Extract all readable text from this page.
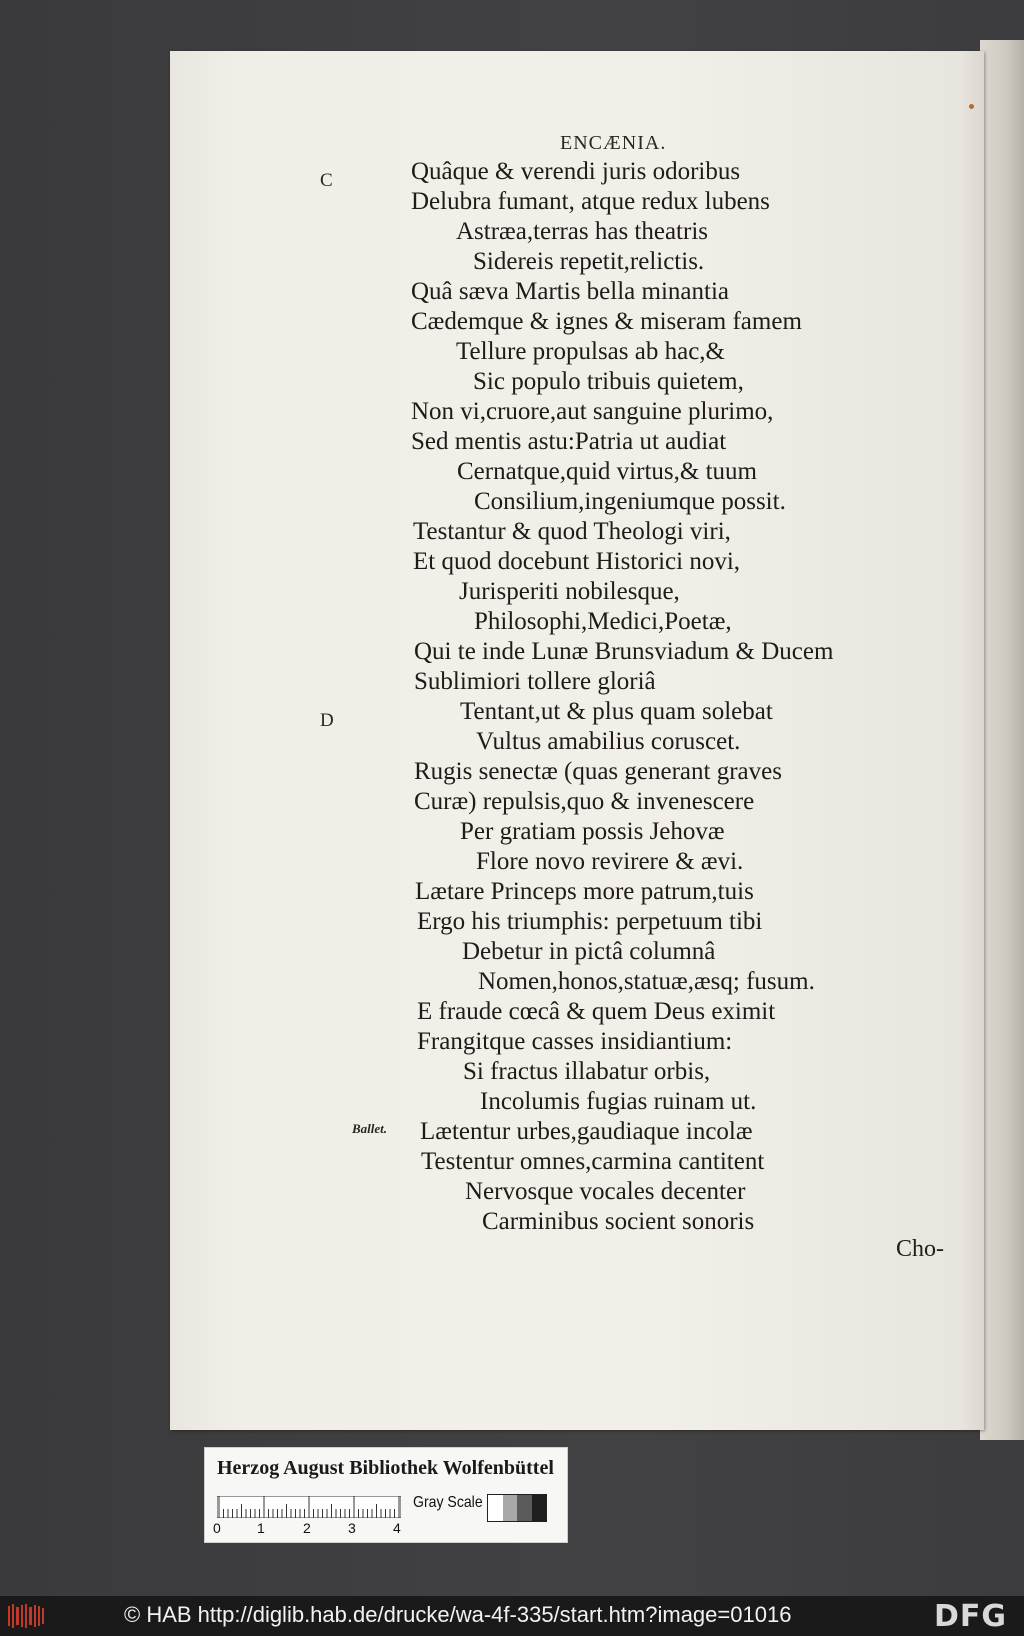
ENCÆNIA.
C
D
Ballet.
Quâque & verendi juris odoribus
Delubra fumant, atque redux lubens
Astræa,terras has theatris
Sidereis repetit,relictis.
Quâ sæva Martis bella minantia
Cædemque & ignes & miseram famem
Tellure propulsas ab hac,&
Sic populo tribuis quietem,
Non vi,cruore,aut sanguine plurimo,
Sed mentis astu:Patria ut audiat
Cernatque,quid virtus,& tuum
Consilium,ingeniumque possit.
Testantur & quod Theologi viri,
Et quod docebunt Historici novi,
Jurisperiti nobilesque,
Philosophi,Medici,Poetæ,
Qui te inde Lunæ Brunsviadum & Ducem
Sublimiori tollere gloriâ
Tentant,ut & plus quam solebat
Vultus amabilius coruscet.
Rugis senectæ (quas generant graves
Curæ) repulsis,quo & invenescere
Per gratiam possis Jehovæ
Flore novo revirere & ævi.
Lætare Princeps more patrum,tuis
Ergo his triumphis: perpetuum tibi
Debetur in pictâ columnâ
Nomen,honos,statuæ,æsq; fusum.
E fraude cœcâ & quem Deus eximit
Frangitque casses insidiantium:
Si fractus illabatur orbis,
Incolumis fugias ruinam ut.
Lætentur urbes,gaudiaque incolæ
Testentur omnes,carmina cantitent
Nervosque vocales decenter
Carminibus socient sonoris
Cho-
Herzog August Bibliothek Wolfenbüttel
0	1	2	3	4
Gray Scale
© HAB http://diglib.hab.de/drucke/wa-4f-335/start.htm?image=01016	DFG
